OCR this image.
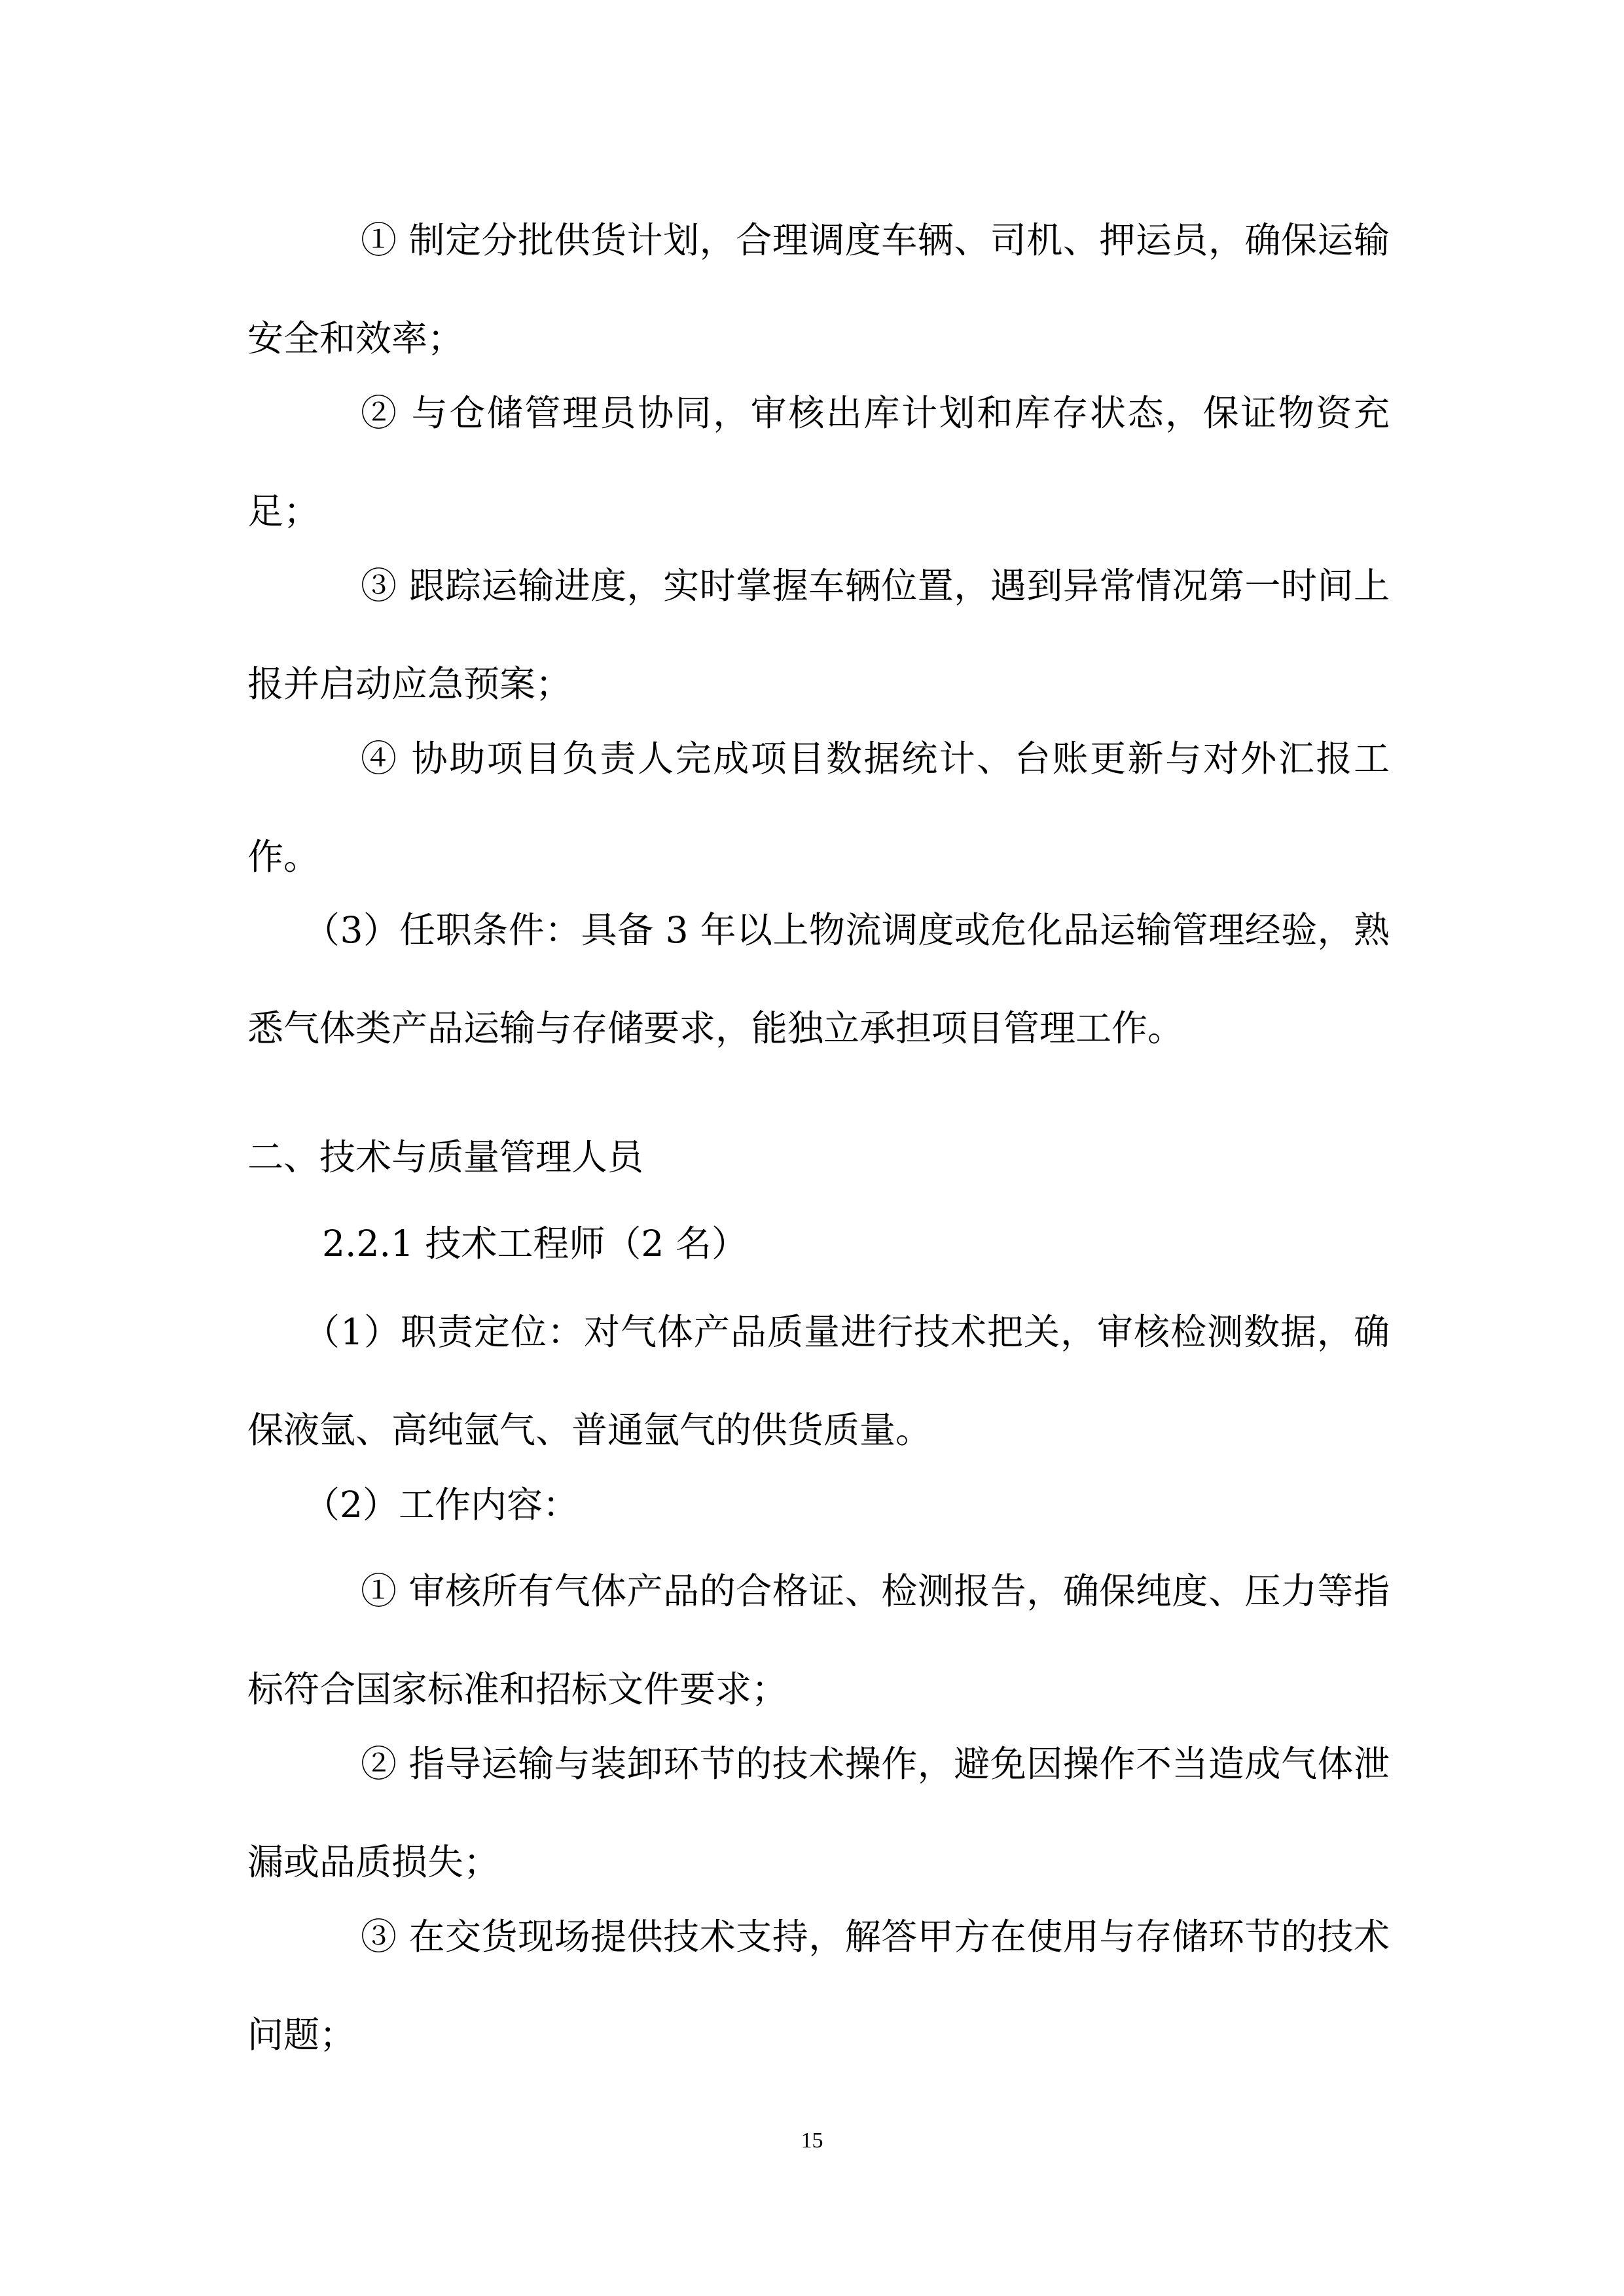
① 制定分批供货计划，合理调度车辆、司机、押运员，确保运输安全和效率；

② 与仓储管理员协同，审核出库计划和库存状态，保证物资充足；

③ 跟踪运输进度，实时掌握车辆位置，遇到异常情况第一时间上报并启动应急预案；

④ 协助项目负责人完成项目数据统计、台账更新与对外汇报工作。

（3）任职条件：具备 3 年以上物流调度或危化品运输管理经验，熟悉气体类产品运输与存储要求，能独立承担项目管理工作。

二、技术与质量管理人员

2.2.1 技术工程师（2 名）

（1）职责定位：对气体产品质量进行技术把关，审核检测数据，确保液氩、高纯氩气、普通氩气的供货质量。

（2）工作内容：

① 审核所有气体产品的合格证、检测报告，确保纯度、压力等指标符合国家标准和招标文件要求；

② 指导运输与装卸环节的技术操作，避免因操作不当造成气体泄漏或品质损失；

③ 在交货现场提供技术支持，解答甲方在使用与存储环节的技术问题；

15
